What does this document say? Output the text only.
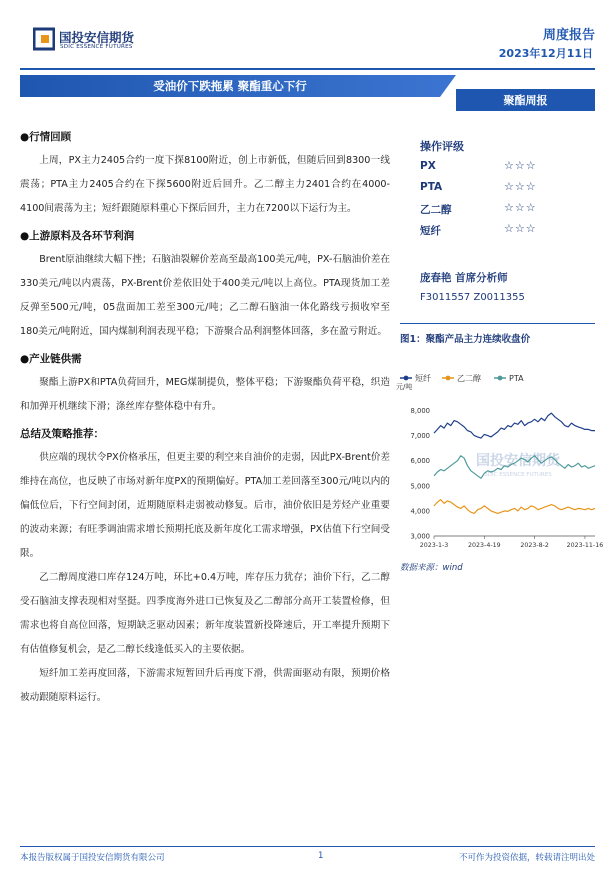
国投安信期货
SDIC ESSENCE FUTURES
周度报告
2023年12月11日
受油价下跌拖累 聚酯重心下行
聚酯周报
●行情回顾

上周，PX主力2405合约一度下探8100附近，创上市新低，但随后回到8300一线震荡；PTA主力2405合约在下探5600附近后回升。乙二醇主力2401合约在4000-4100间震荡为主；短纤跟随原料重心下探后回升，主力在7200以下运行为主。

●上游原料及各环节利润

Brent原油继续大幅下挫；石脑油裂解价差高至最高100美元/吨，PX-石脑油价差在330美元/吨以内震荡，PX-Brent价差依旧处于400美元/吨以上高位。PTA现货加工差反弹至500元/吨，05盘面加工差至300元/吨；乙二醇石脑油一体化路线亏损收窄至180美元/吨附近，国内煤制利润表现平稳；下游聚合品利润整体回落，多在盈亏附近。

●产业链供需

聚酯上游PX和PTA负荷回升，MEG煤制提负，整体平稳；下游聚酯负荷平稳，织造和加弹开机继续下滑；涤丝库存整体稳中有升。

总结及策略推荐：

供应端的现状令PX价格承压，但更主要的利空来自油价的走弱，因此PX-Brent价差维持在高位，也反映了市场对新年度PX的预期偏好。PTA加工差回落至300元/吨以内的偏低位后，下行空间封闭，近期随原料走弱被动修复。后市，油价依旧是芳烃产业重要的波动来源；有旺季调油需求增长预期托底及新年度化工需求增强，PX估值下行空间受限。

乙二醇周度港口库存124万吨，环比+0.4万吨，库存压力犹存；油价下行，乙二醇受石脑油支撑表现相对坚挺。四季度海外进口已恢复及乙二醇部分高开工装置检修，但需求也将自高位回落，短期缺乏驱动因素；新年度装置新投降速后，开工率提升预期下有估值修复机会，是乙二醇长线逢低买入的主要依据。

短纤加工差再度回落，下游需求短暂回升后再度下滑，供需面驱动有限，预期价格被动跟随原料运行。

操作评级
PX	☆☆☆
PTA	☆☆☆
乙二醇	☆☆☆
短纤	☆☆☆
庞春艳 首席分析师
F3011557 Z0011355
图1：聚酯产品主力连续收盘价
国投安信期货
SDIC ESSENCE FUTURES
短纤	乙二醇	PTA
元/吨
3,000
4,000
5,000
6,000
7,000
8,000
2023-1-3	2023-4-19	2023-8-2	2023-11-16
数据来源：wind
本报告版权属于国投安信期货有限公司	1	不可作为投资依据，转载请注明出处
